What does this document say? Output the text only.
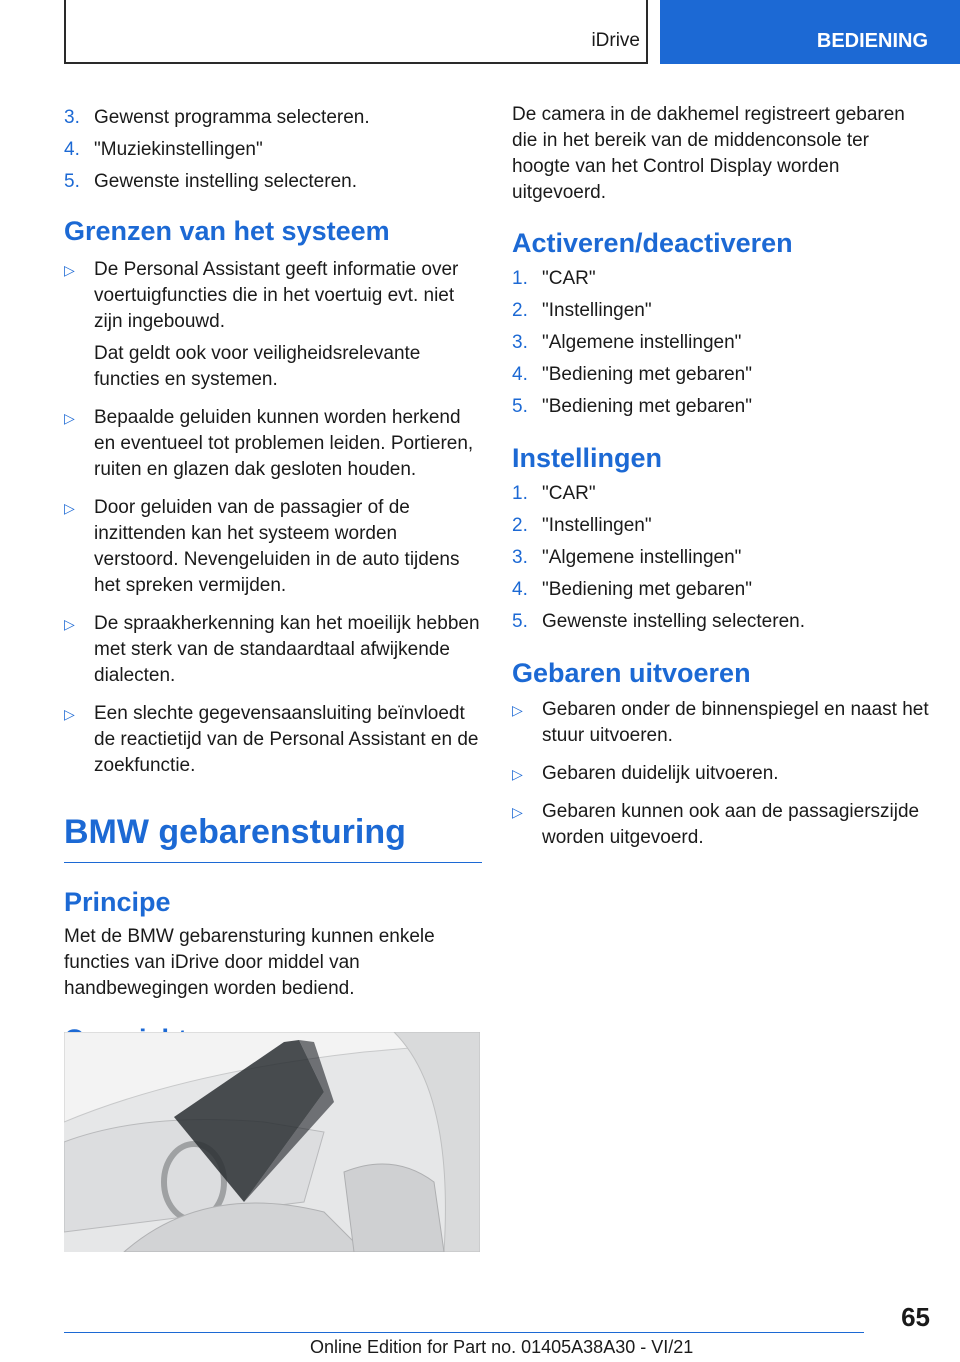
iDrive	BEDIENING
3. Gewenst programma selecteren.
4. "Muziekinstellingen"
5. Gewenste instelling selecteren.
Grenzen van het systeem
▷	De Personal Assistant geeft informatie over voertuigfuncties die in het voertuig evt. niet zijn ingebouwd.

Dat geldt ook voor veiligheidsrelevante functies en systemen.

▷	Bepaalde geluiden kunnen worden herkend en eventueel tot problemen leiden. Portieren, ruiten en glazen dak gesloten houden.

▷	Door geluiden van de passagier of de inzittenden kan het systeem worden verstoord. Nevengeluiden in de auto tijdens het spreken vermijden.

▷	De spraakherkenning kan het moeilijk hebben met sterk van de standaardtaal afwijkende dialecten.

▷	Een slechte gegevensaansluiting beïnvloedt de reactietijd van de Personal Assistant en de zoekfunctie.

BMW gebarensturing
Principe

Met de BMW gebarensturing kunnen enkele functies van iDrive door middel van handbewegingen worden bediend.

De camera in de dakhemel registreert gebaren die in het bereik van de middenconsole ter hoogte van het Control Display worden uitgevoerd.

Activeren/deactiveren
1. "CAR"
2. "Instellingen"
3. "Algemene instellingen"
4. "Bediening met gebaren"
5. "Bediening met gebaren"
Instellingen
1. "CAR"
2. "Instellingen"
3. "Algemene instellingen"
4. "Bediening met gebaren"
5. Gewenste instelling selecteren.
Gebaren uitvoeren
▷	Gebaren onder de binnenspiegel en naast het stuur uitvoeren.

▷	Gebaren duidelijk uitvoeren.

▷	Gebaren kunnen ook aan de passagierszijde worden uitgevoerd.

65
Online Edition for Part no. 01405A38A30 - VI/21
